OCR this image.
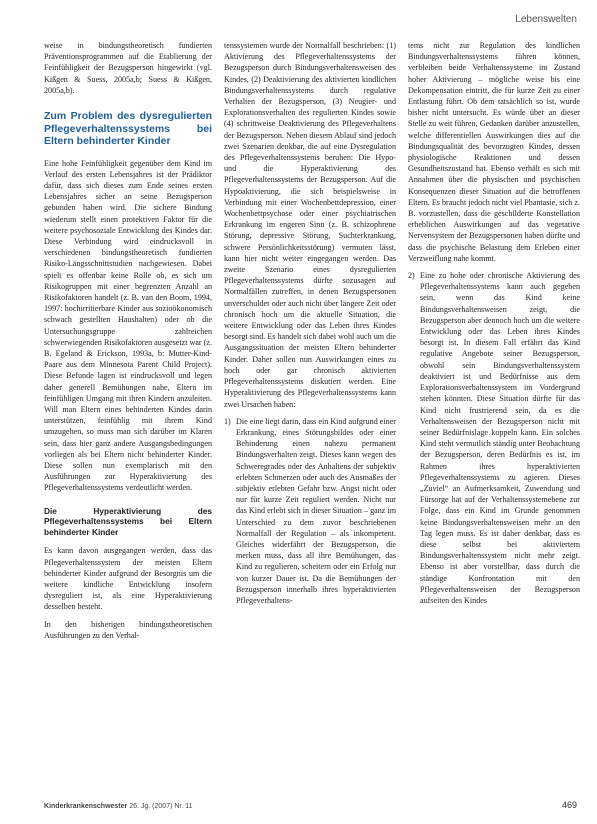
Lebenswelten

weise in bindungstheoretisch fundierten Präventionsprogrammen auf die Etablierung der Feinfühligkeit der Bezugsperson hingewirkt (vgl. Kißgen & Suess, 2005a,b; Suess & Kißgen, 2005a,b).

Zum Problem des dysregulierten Pflegeverhaltenssystems bei Eltern behinderter Kinder

Eine hohe Feinfühligkeit gegenüber dem Kind im Verlauf des ersten Lebensjahres ist der Prädiktor dafür, dass sich dieses zum Ende seines ersten Lebensjahres sicher an seine Bezugsperson gebunden haben wird. Die sichere Bindung wiederum stellt einen protektiven Faktor für die weitere psychosoziale Entwicklung des Kindes dar. Diese Verbindung wird eindrucksvoll in verschiedenen bindungstheoretisch fundierten Risiko-Längsschnittstudien nachgewiesen. Dabei spielt es offenbar keine Rolle ob, es sich um Risikogruppen mit einer begrenzten Anzahl an Risikofaktoren handelt (z. B. van den Boom, 1994, 1997: hochirritierbare Kinder aus sozioökonomisch schwach gestellten Haushalten) oder ob die Untersuchungsgruppe zahlreichen schwerwiegenden Risikofaktoren ausgesetzt war (z. B. Egeland & Erickson, 1993a, b: Mutter-Kind-Paare aus dem Minnesota Parent Child Project). Diese Befunde lagen ist eindrucksvoll und legen daher generell Bemühungen nahe, Eltern im feinfühligen Umgang mit ihren Kindern anzuleiten. Will man Eltern eines behinderten Kindes darin unterstützen, feinfühlig mit ihrem Kind umzugehen, so muss man sich darüber im Klaren sein, dass hier ganz andere Ausgangsbedingungen vorliegen als bei Eltern nicht behinderter Kinder. Diese sollen nun exemplarisch mit den Ausführungen zur Hyperaktivierung des Pflegeverhaltenssystems verdeutlicht werden.

Die Hyperaktivierung des Pflegeverhaltenssystems bei Eltern behinderter Kinder

Es kann davon ausgegangen werden, dass das Pflegeverhaltenssystem der meisten Eltern behinderter Kinder aufgrund der Besorgnis um die weitere kindliche Entwicklung insofern dysreguliert ist, als eine Hyperaktivierung desselben besteht.

In den bisherigen bindungstheoretischen Ausführungen zu den Verhal-

tenssystemen wurde der Normalfall beschrieben: (1) Aktivierung des Pflegeverhaltenssystems der Bezugsperson durch Bindungsverhaltensweisen des Kindes, (2) Deaktivierung des aktivierten kindlichen Bindungsverhaltenssystems durch regulative Verhalten der Bezugsperson, (3) Neugier- und Explorationsverhalten des regulierten Kindes sowie (4) schrittweise Deaktivierung des Pflegeverhaltens der Bezugsperson. Neben diesem Ablauf sind jedoch zwei Szenarien denkbar, die auf eine Dysregulation des Pflegeverhaltenssystems beruhen: Die Hypo- und die Hyperaktivierung des Pflegeverhaltenssystems der Bezugsperson. Auf die Hypoaktivierung, die sich beispielsweise in Verbindung mit einer Wochenbettdepression, einer Wochenbettpsychose oder einer psychiatrischen Erkrankung im engeren Sinn (z. B. schizophrene Störung, depressive Störung, Suchterkrankung, schwere Persönlichkeitsstörung) vermuten lässt, kann hier nicht weiter eingegangen werden. Das zweite Szenario eines dysregulierten Pflegeverhaltenssystems dürfte sozusagen auf Normalfällen zutreffen, in denen Bezugspersonen unverschuldet oder auch nicht über längere Zeit oder chronisch hoch um die aktuelle Situation, die weitere Entwicklung oder das Leben ihres Kindes besorgt sind. Es handelt sich dabei wohl auch um die Ausgangssituation der meisten Eltern behinderter Kinder. Daher sollen nun Auswirkungen eines zu hoch oder gar chronisch aktivierten Pflegeverhaltenssystems diskutiert werden. Eine Hyperaktivierung des Pflegeverhaltenssystems kann zwei Ursachen haben:

1) Die eine liegt darin, dass ein Kind aufgrund einer Erkrankung, eines Störungsbildes oder einer Behinderung einen nahezu permanent Bindungsverhalten zeigt. Dieses kann wegen des Schweregrades oder des Anhaltens der subjektiv erlebten Schmerzen oder auch des Ausmaßes der subjektiv erlebten Gefahr bzw. Angst nicht oder nur für kurze Zeit reguliert werden. Nicht nur das Kind erlebt sich in dieser Situation – ganz im Unterschied zu dem zuvor beschriebenen Normalfall der Regulation – als inkompetent. Gleiches widerfährt der Bezugsperson, die merken muss, dass all ihre Bemühungen, das Kind zu regulieren, scheitern oder ein Erfolg nur von kurzer Dauer ist. Da die Bemühungen der Bezugsperson innerhalb ihres hyperaktivierten Pflegeverhaltens-

tems nicht zur Regulation des kindlichen Bindungsverhaltenssystems führen können, verbleiben beide Verhaltenssysteme im Zustand hoher Aktivierung – mögliche weise bis eine Dekompensation eintritt, die für kurze Zeit zu einer Entlastung führt. Ob dem tatsächlich so ist, wurde bisher nicht untersucht. Es würde über an dieser Stelle zu weit führen, Gedanken darüber anzustellen, welche differentiellen Auswirkungen dies auf die Bindungsqualität des bevorzugten Kindes, dessen physiologische Reaktionen und dessen Gesundheitszustand hat. Ebenso verhält es sich mit Annahmen über die physischen und psychischen Konsequenzen dieser Situation auf die betroffenen Eltern. Es braucht jedoch nicht viel Phantasie, sich z. B. vorzustellen, dass die geschilderte Konstellation erheblichen Auswirkungen auf das vegetative Nervensystem der Bezugspersonen haben dürfte und dass die psychische Belastung dem Erleben einer Verzweiflung nahe kommt.

2) Eine zu hohe oder chronische Aktivierung des Pflegeverhaltenssystems kann auch gegeben sein, wenn das Kind keine Bindungsverhaltensweisen zeigt, die Bezugsperson aber dennoch hoch um die weitere Entwicklung oder das Leben ihres Kindes besorgt ist. In diesem Fall erfährt das Kind regulative Angebote seiner Bezugsperson, obwohl sein Bindungsverhaltenssystem deaktiviert ist und Bedürfnisse aus dem Explorationsverhaltenssystem im Vordergrund stehen könnten. Diese Situation dürfte für das Kind nicht frustrierend sein, da es die Verhaltensweisen der Bezugsperson nicht mit seiner Bedürfnislage koppeln kann. Ein solches Kind steht vermutlich ständig unter Beobachtung der Bezugsperson, deren Bedürfnis es ist, im Rahmen ihres hyperaktivierten Pflegeverhaltenssystems zu agieren. Dieses „Zuviel“ an Aufmerksamkeit, Zuwendung und Fürsorge hat auf der Verhaltenssystemebene zur Folge, dass ein Kind im Grunde genommen keine Bindungsverhaltensweisen mehr an den Tag legen muss. Es ist daher denkbar, dass es diese selbst bei aktiviertem Bindungsverhaltenssystem nicht mehr zeigt. Ebenso ist aber vorstellbar, dass durch die ständige Konfrontation mit den Pflegeverhaltensweisen der Bezugsperson aufseiten des Kindes
Kinderkrankenschwester 26. Jg. (2007) Nr. 11	469
